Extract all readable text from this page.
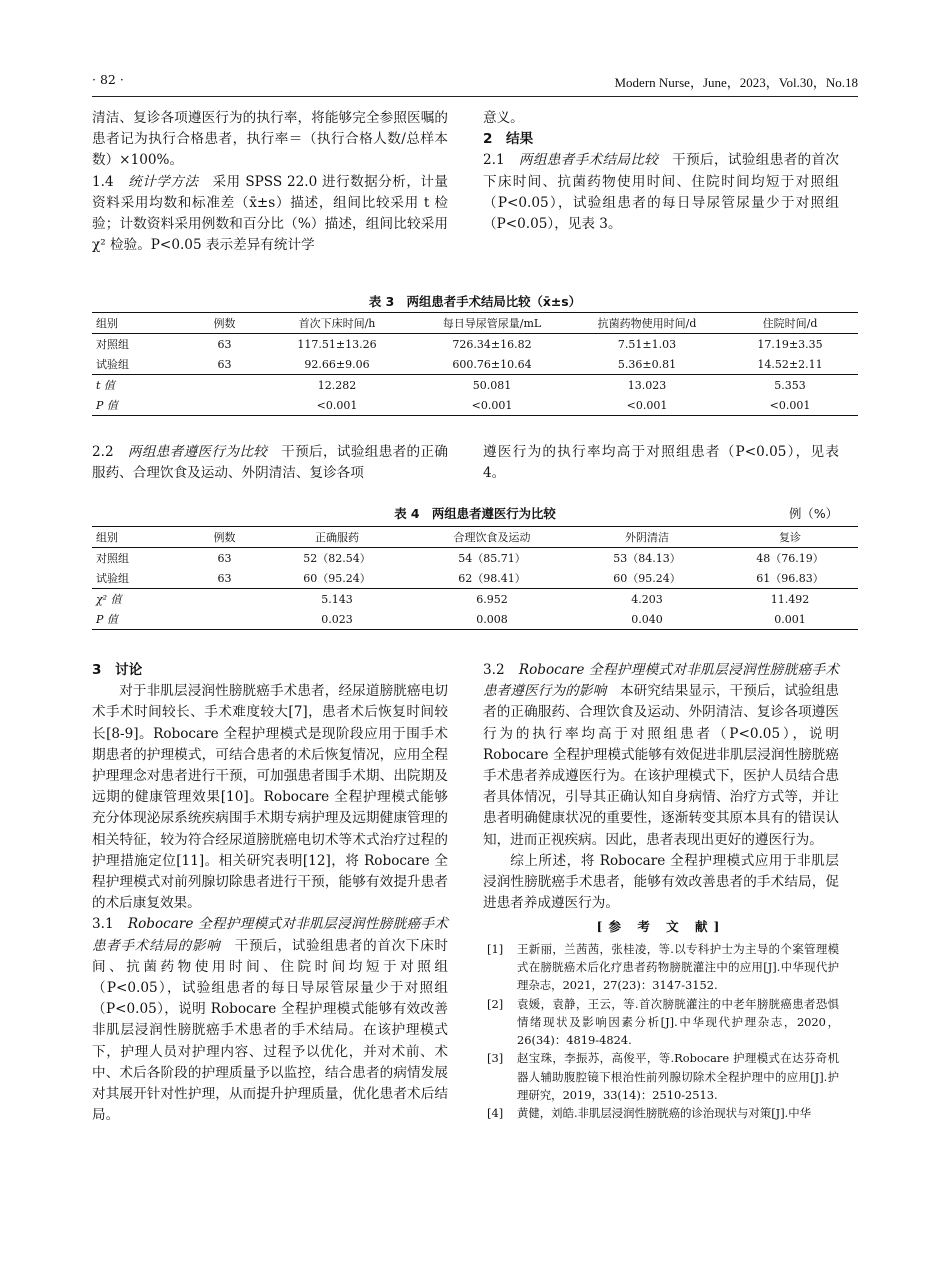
· 82 ·	Modern Nurse，June，2023，Vol.30，No.18

清洁、复诊各项遵医行为的执行率，将能够完全参照医嘱的患者记为执行合格患者，执行率＝（执行合格人数/总样本数）×100%。

1.4　 统计学方法　 采用 SPSS 22.0 进行数据分析，计量资料采用均数和标准差（x̄±s）描述，组间比较采用 t 检验；计数资料采用例数和百分比（%）描述，组间比较采用 χ² 检验。P<0.05 表示差异有统计学

意义。

2　结果

2.1　 两组患者手术结局比较　 干预后，试验组患者的首次下床时间、抗菌药物使用时间、住院时间均短于对照组（P<0.05），试验组患者的每日导尿管尿量少于对照组（P<0.05），见表 3。

表 3　两组患者手术结局比较（x̄±s）
组别	例数	首次下床时间/h	每日导尿管尿量/mL	抗菌药物使用时间/d	住院时间/d
对照组	63	117.51±13.26	726.34±16.82	7.51±1.03	17.19±3.35
试验组	63	92.66±9.06	600.76±10.64	5.36±0.81	14.52±2.11
t 值		12.282	50.081	13.023	5.353
P 值		<0.001	<0.001	<0.001	<0.001

2.2　 两组患者遵医行为比较　 干预后，试验组患者的正确服药、合理饮食及运动、外阴清洁、复诊各项

遵医行为的执行率均高于对照组患者（P<0.05），见表 4。

表 4　两组患者遵医行为比较	例（%）
组别	例数	正确服药	合理饮食及运动	外阴清洁	复诊
对照组	63	52（82.54）	54（85.71）	53（84.13）	48（76.19）
试验组	63	60（95.24）	62（98.41）	60（95.24）	61（96.83）
χ² 值		5.143	6.952	4.203	11.492
P 值		0.023	0.008	0.040	0.001

3　讨论

对于非肌层浸润性膀胱癌手术患者，经尿道膀胱癌电切术手术时间较长、手术难度较大[7]，患者术后恢复时间较长[8-9]。Robocare 全程护理模式是现阶段应用于围手术期患者的护理模式，可结合患者的术后恢复情况，应用全程护理理念对患者进行干预，可加强患者围手术期、出院期及远期的健康管理效果[10]。Robocare 全程护理模式能够充分体现泌尿系统疾病围手术期专病护理及远期健康管理的相关特征，较为符合经尿道膀胱癌电切术等术式治疗过程的护理措施定位[11]。相关研究表明[12]，将 Robocare 全程护理模式对前列腺切除患者进行干预，能够有效提升患者的术后康复效果。

3.1　 Robocare 全程护理模式对非肌层浸润性膀胱癌手术患者手术结局的影响　 干预后，试验组患者的首次下床时间、抗菌药物使用时间、住院时间均短于对照组（P<0.05），试验组患者的每日导尿管尿量少于对照组（P<0.05），说明 Robocare 全程护理模式能够有效改善非肌层浸润性膀胱癌手术患者的手术结局。在该护理模式下，护理人员对护理内容、过程予以优化，并对术前、术中、术后各阶段的护理质量予以监控，结合患者的病情发展对其展开针对性护理，从而提升护理质量，优化患者术后结局。

3.2　 Robocare 全程护理模式对非肌层浸润性膀胱癌手术患者遵医行为的影响　 本研究结果显示，干预后，试验组患者的正确服药、合理饮食及运动、外阴清洁、复诊各项遵医行为的执行率均高于对照组患者（P<0.05），说明 Robocare 全程护理模式能够有效促进非肌层浸润性膀胱癌手术患者养成遵医行为。在该护理模式下，医护人员结合患者具体情况，引导其正确认知自身病情、治疗方式等，并让患者明确健康状况的重要性，逐渐转变其原本具有的错误认知，进而正视疾病。因此，患者表现出更好的遵医行为。

综上所述，将 Robocare 全程护理模式应用于非肌层浸润性膀胱癌手术患者，能够有效改善患者的手术结局，促进患者养成遵医行为。

[参 考 文 献]
[1] 王新丽，兰茜茜，张桂凌，等.以专科护士为主导的个案管理模式在膀胱癌术后化疗患者药物膀胱灌注中的应用[J].中华现代护理杂志，2021，27(23)：3147-3152.
[2] 袁媛，袁静，王云，等.首次膀胱灌注的中老年膀胱癌患者恐惧情绪现状及影响因素分析[J].中华现代护理杂志，2020，26(34)：4819-4824.
[3] 赵宝珠，李振苏，高俊平，等.Robocare 护理模式在达芬奇机器人辅助腹腔镜下根治性前列腺切除术全程护理中的应用[J].护理研究，2019，33(14)：2510-2513.
[4] 黄健，刘皓.非肌层浸润性膀胱癌的诊治现状与对策[J].中华
